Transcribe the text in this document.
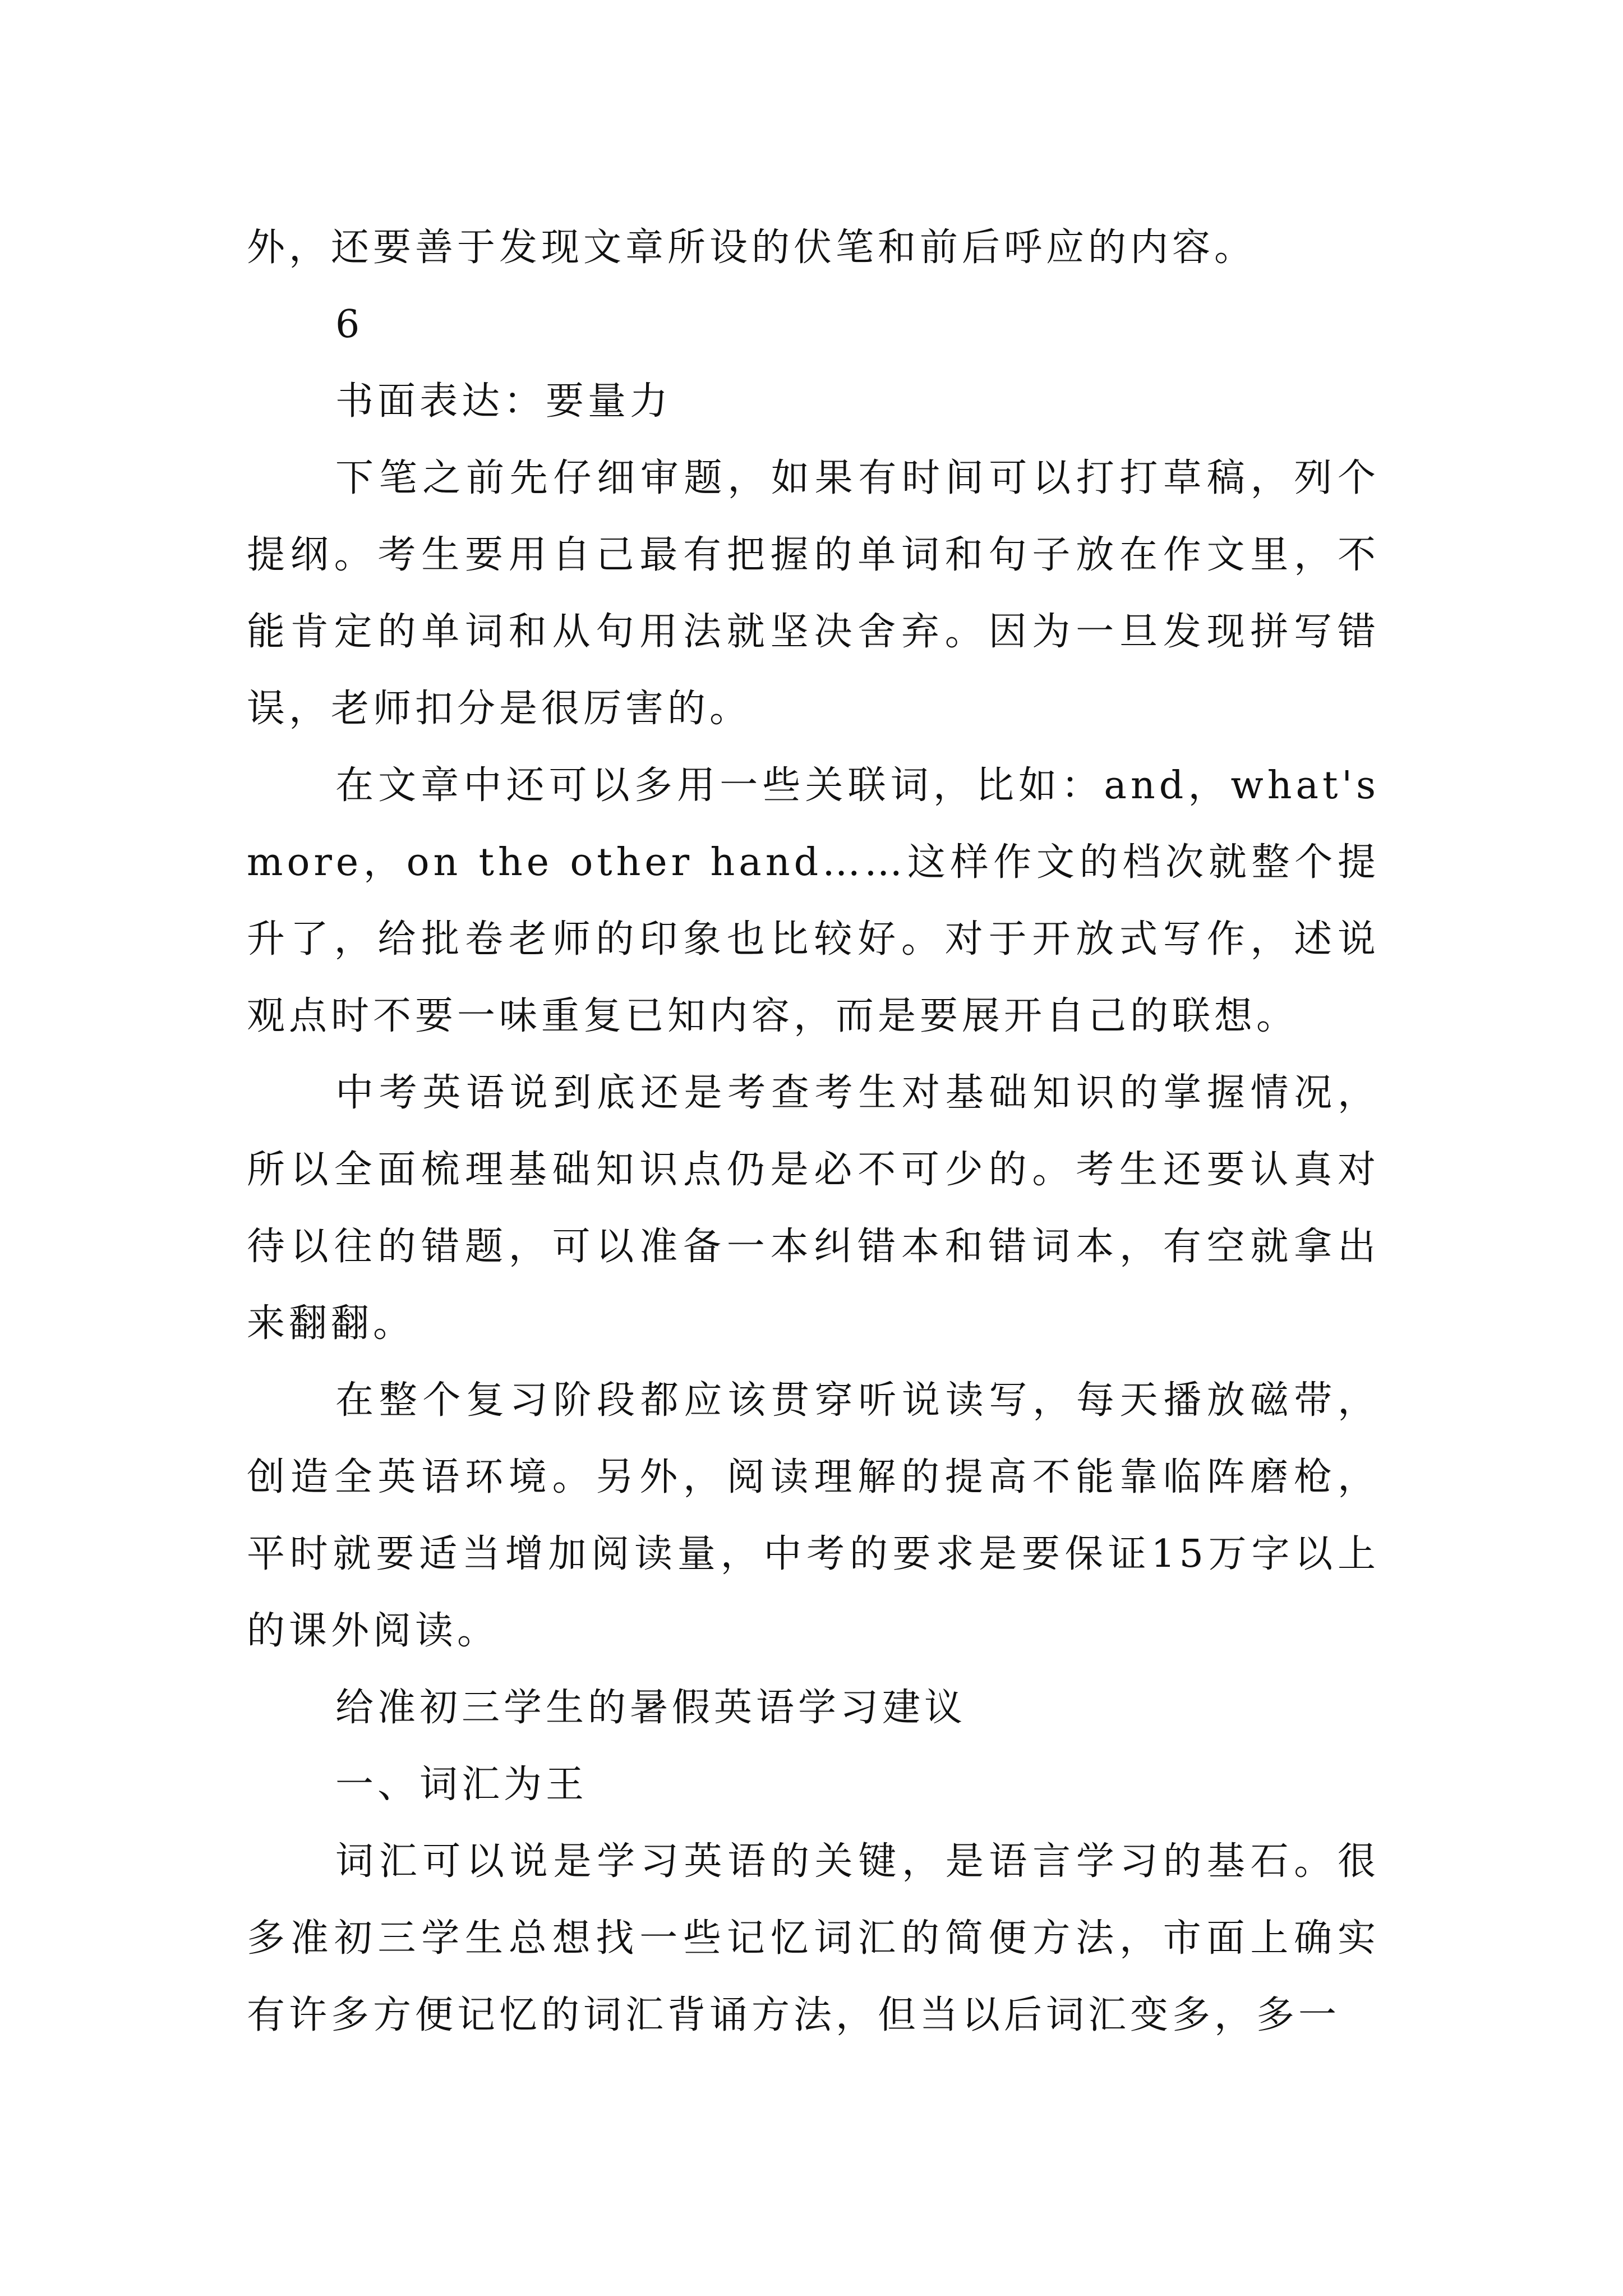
外，还要善于发现文章所设的伏笔和前后呼应的内容。

6

书面表达：要量力

下笔之前先仔细审题，如果有时间可以打打草稿，列个提纲。考生要用自己最有把握的单词和句子放在作文里，不能肯定的单词和从句用法就坚决舍弃。因为一旦发现拼写错误，老师扣分是很厉害的。

在文章中还可以多用一些关联词，比如：and，what's more，on the other hand……这样作文的档次就整个提升了，给批卷老师的印象也比较好。对于开放式写作，述说观点时不要一味重复已知内容，而是要展开自己的联想。

中考英语说到底还是考查考生对基础知识的掌握情况，所以全面梳理基础知识点仍是必不可少的。考生还要认真对待以往的错题，可以准备一本纠错本和错词本，有空就拿出来翻翻。

在整个复习阶段都应该贯穿听说读写，每天播放磁带，创造全英语环境。另外，阅读理解的提高不能靠临阵磨枪，平时就要适当增加阅读量，中考的要求是要保证15万字以上的课外阅读。

给准初三学生的暑假英语学习建议

一、词汇为王

词汇可以说是学习英语的关键，是语言学习的基石。很多准初三学生总想找一些记忆词汇的简便方法，市面上确实有许多方便记忆的词汇背诵方法，但当以后词汇变多，多一
